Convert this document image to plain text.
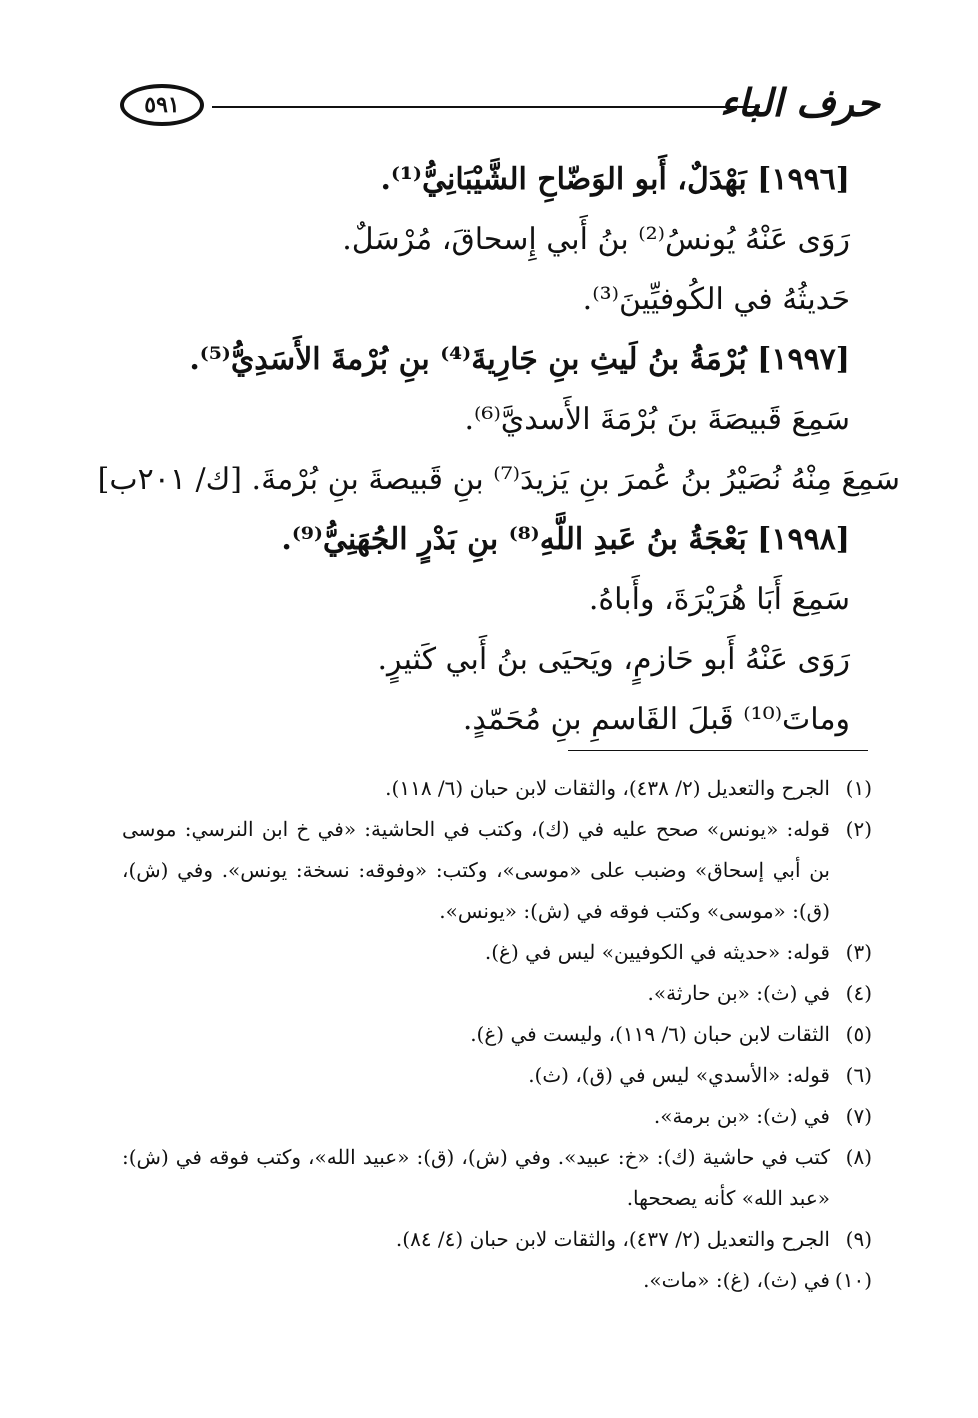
حرف الباء
٥٩١
[١٩٩٦] بَهْدَلٌ، أَبو الوَضّاحِ الشَّيْبَانِيُّ⁽¹⁾.
رَوَى عَنْهُ يُونسُ⁽²⁾ بنُ أَبي إِسحاقَ، مُرْسَلٌ.
حَديثُهُ في الكُوفيِّينَ⁽³⁾.
[١٩٩٧] بُرْمَةُ بنُ لَيثِ بنِ جَارِيةَ⁽⁴⁾ بنِ بُرْمةَ الأَسَدِيُّ⁽⁵⁾.
سَمِعَ قَبيصَةَ بنَ بُرْمَةَ الأَسديَّ⁽⁶⁾.
سَمِعَ مِنْهُ نُصَيْرُ بنُ عُمرَ بنِ يَزيدَ⁽⁷⁾ بنِ قَبيصةَ بنِ بُرْمةَ. [ك/ ٢٠١ب]
[١٩٩٨] بَعْجَةُ بنُ عَبدِ اللَّهِ⁽⁸⁾ بنِ بَدْرٍ الجُهَنِيُّ⁽⁹⁾.
سَمِعَ أَبَا هُرَيْرَةَ، وأَباهُ.
رَوَى عَنْهُ أَبو حَازمٍ، ويَحيَى بنُ أَبي كَثيرٍ.
وماتَ⁽¹⁰⁾ قَبلَ القَاسمِ بنِ مُحَمّدٍ.
(١)
الجرح والتعديل (٢/ ٤٣٨)، والثقات لابن حبان (٦/ ١١٨).
(٢)
قوله: «يونس» صحح عليه في (ك)، وكتب في الحاشية: «في خ ابن النرسي: موسى بن أبي إسحاق» وضبب على «موسى»، وكتب: «وفوقه: نسخة: يونس». وفي (ش)، (ق): «موسى» وكتب فوقه في (ش): «يونس».
(٣)
قوله: «حديثه في الكوفيين» ليس في (غ).
(٤)
في (ث): «بن حارثة».
(٥)
الثقات لابن حبان (٦/ ١١٩)، وليست في (غ).
(٦)
قوله: «الأسدي» ليس في (ق)، (ث).
(٧)
في (ث): «بن برمة».
(٨)
كتب في حاشية (ك): «خ: عبيد». وفي (ش)، (ق): «عبيد الله»، وكتب فوقه في (ش): «عبد الله» كأنه يصححها.
(٩)
الجرح والتعديل (٢/ ٤٣٧)، والثقات لابن حبان (٤/ ٨٤).
(١٠)
في (ث)، (غ): «مات».
